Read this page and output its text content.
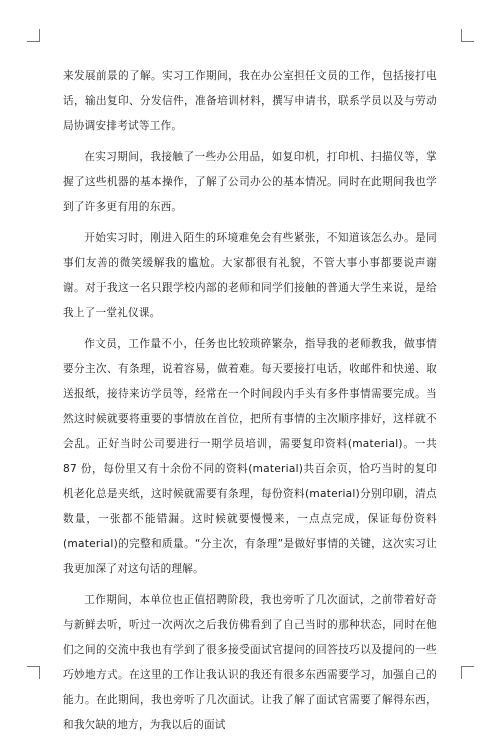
来发展前景的了解。实习工作期间，我在办公室担任文员的工作，包括接打电话，输出复印、分发信件，准备培训材料，撰写申请书，联系学员以及与劳动局协调安排考试等工作。

在实习期间，我接触了一些办公用品，如复印机，打印机、扫描仪等，掌握了这些机器的基本操作，了解了公司办公的基本情况。同时在此期间我也学到了许多更有用的东西。

开始实习时，刚进入陌生的环境难免会有些紧张，不知道该怎么办。是同事们友善的微笑缓解我的尴尬。大家都很有礼貌，不管大事小事都要说声谢谢。对于我这一名只跟学校内部的老师和同学们接触的普通大学生来说，是给我上了一堂礼仪课。

作文员，工作量不小，任务也比较琐碎繁杂，指导我的老师教我，做事情要分主次、有条理，说着容易，做着难。每天要接打电话，收邮件和快递、取送报纸，接待来访学员等，经常在一个时间段内手头有多件事情需要完成。当然这时候就要将重要的事情放在首位，把所有事情的主次顺序排好，这样就不会乱。正好当时公司要进行一期学员培训，需要复印资料(material)。一共 87 份，每份里又有十余份不同的资料(material)共百余页，恰巧当时的复印机老化总是夹纸，这时候就需要有条理，每份资料(material)分别印刷，清点数量，一张都不能错漏。这时候就要慢慢来，一点点完成，保证每份资料(material)的完整和质量。“分主次，有条理”是做好事情的关键，这次实习让我更加深了对这句话的理解。

工作期间，本单位也正值招聘阶段，我也旁听了几次面试，之前带着好奇与新鲜去听，听过一次两次之后我仿佛看到了自己当时的那种状态，同时在他们之间的交流中我也有学到了很多接受面试官提问的回答技巧以及提问的一些巧妙地方式。在这里的工作让我认识的我还有很多东西需要学习，加强自己的能力。在此期间，我也旁听了几次面试。让我了解了面试官需要了解得东西，和我欠缺的地方，为我以后的面试
